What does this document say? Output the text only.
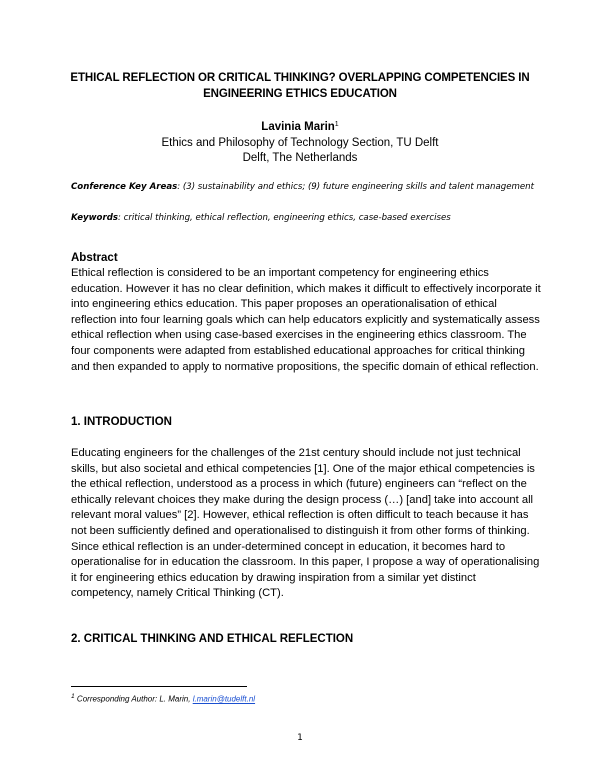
ETHICAL REFLECTION OR CRITICAL THINKING? OVERLAPPING COMPETENCIES IN ENGINEERING ETHICS EDUCATION
Lavinia Marin$^1$
Ethics and Philosophy of Technology Section, TU Delft
Delft, The Netherlands
Conference Key Areas: (3) sustainability and ethics; (9) future engineering skills and talent management
Keywords: critical thinking, ethical reflection, engineering ethics, case-based exercises
Abstract
Ethical reflection is considered to be an important competency for engineering ethics education. However it has no clear definition, which makes it difficult to effectively incorporate it into engineering ethics education. This paper proposes an operationalisation of ethical reflection into four learning goals which can help educators explicitly and systematically assess ethical reflection when using case-based exercises in the engineering ethics classroom. The four components were adapted from established educational approaches for critical thinking and then expanded to apply to normative propositions, the specific domain of ethical reflection.
1. INTRODUCTION
Educating engineers for the challenges of the 21st century should include not just technical skills, but also societal and ethical competencies [1]. One of the major ethical competencies is the ethical reflection, understood as a process in which (future) engineers can “reflect on the ethically relevant choices they make during the design process (…) [and] take into account all relevant moral values” [2]. However, ethical reflection is often difficult to teach because it has not been sufficiently defined and operationalised to distinguish it from other forms of thinking. Since ethical reflection is an under-determined concept in education, it becomes hard to operationalise for in education the classroom. In this paper, I propose a way of operationalising it for engineering ethics education by drawing inspiration from a similar yet distinct competency, namely Critical Thinking (CT).
2. CRITICAL THINKING AND ETHICAL REFLECTION
$^1$ Corresponding Author: L. Marin, l.marin@tudelft.nl
1
